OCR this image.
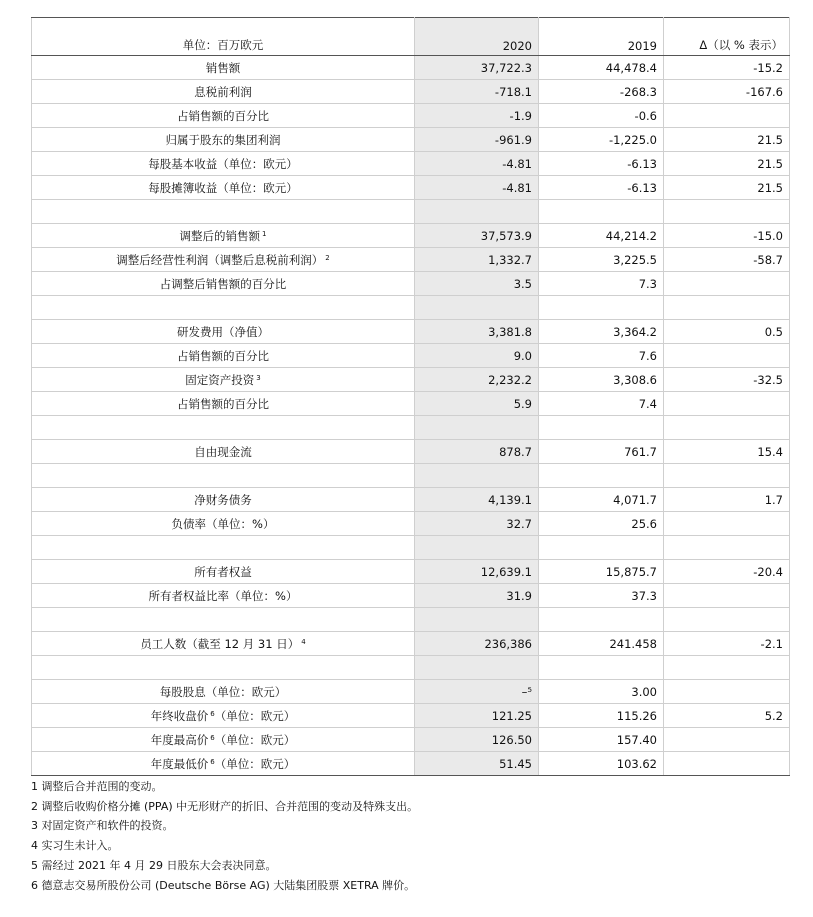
单位：百万欧元	2020	2019	Δ（以 % 表示）
销售额	37,722.3	44,478.4	-15.2
息税前利润	-718.1	-268.3	-167.6
占销售额的百分比	-1.9	-0.6	
归属于股东的集团利润	-961.9	-1,225.0	21.5
每股基本收益（单位：欧元）	-4.81	-6.13	21.5
每股摊簿收益（单位：欧元）	-4.81	-6.13	21.5

调整后的销售额 $^1$	37,573.9	44,214.2	-15.0
调整后经营性利润（调整后息税前利润） $^2$	1,332.7	3,225.5	-58.7
占调整后销售额的百分比	3.5	7.3	

研发费用（净值）	3,381.8	3,364.2	0.5
占销售额的百分比	9.0	7.6	
固定资产投资 $^3$	2,232.2	3,308.6	-32.5
占销售额的百分比	5.9	7.4	

自由现金流	878.7	761.7	15.4

净财务债务	4,139.1	4,071.7	1.7
负债率（单位：%）	32.7	25.6	

所有者权益	12,639.1	15,875.7	-20.4
所有者权益比率（单位：%）	31.9	37.3	

员工人数（截至 12 月 31 日） $^4$	236,386	241.458	-2.1

每股股息（单位：欧元）	–⁵	3.00	
年终收盘价 $^6$（单位：欧元）	121.25	115.26	5.2
年度最高价 $^6$（单位：欧元）	126.50	157.40	
年度最低价 $^6$（单位：欧元）	51.45	103.62	
1 调整后合并范围的变动。
2 调整后收购价格分摊 (PPA) 中无形财产的折旧、合并范围的变动及特殊支出。
3 对固定资产和软件的投资。
4 实习生未计入。
5 需经过 2021 年 4 月 29 日股东大会表决同意。
6 德意志交易所股份公司 (Deutsche Börse AG) 大陆集团股票 XETRA 牌价。
